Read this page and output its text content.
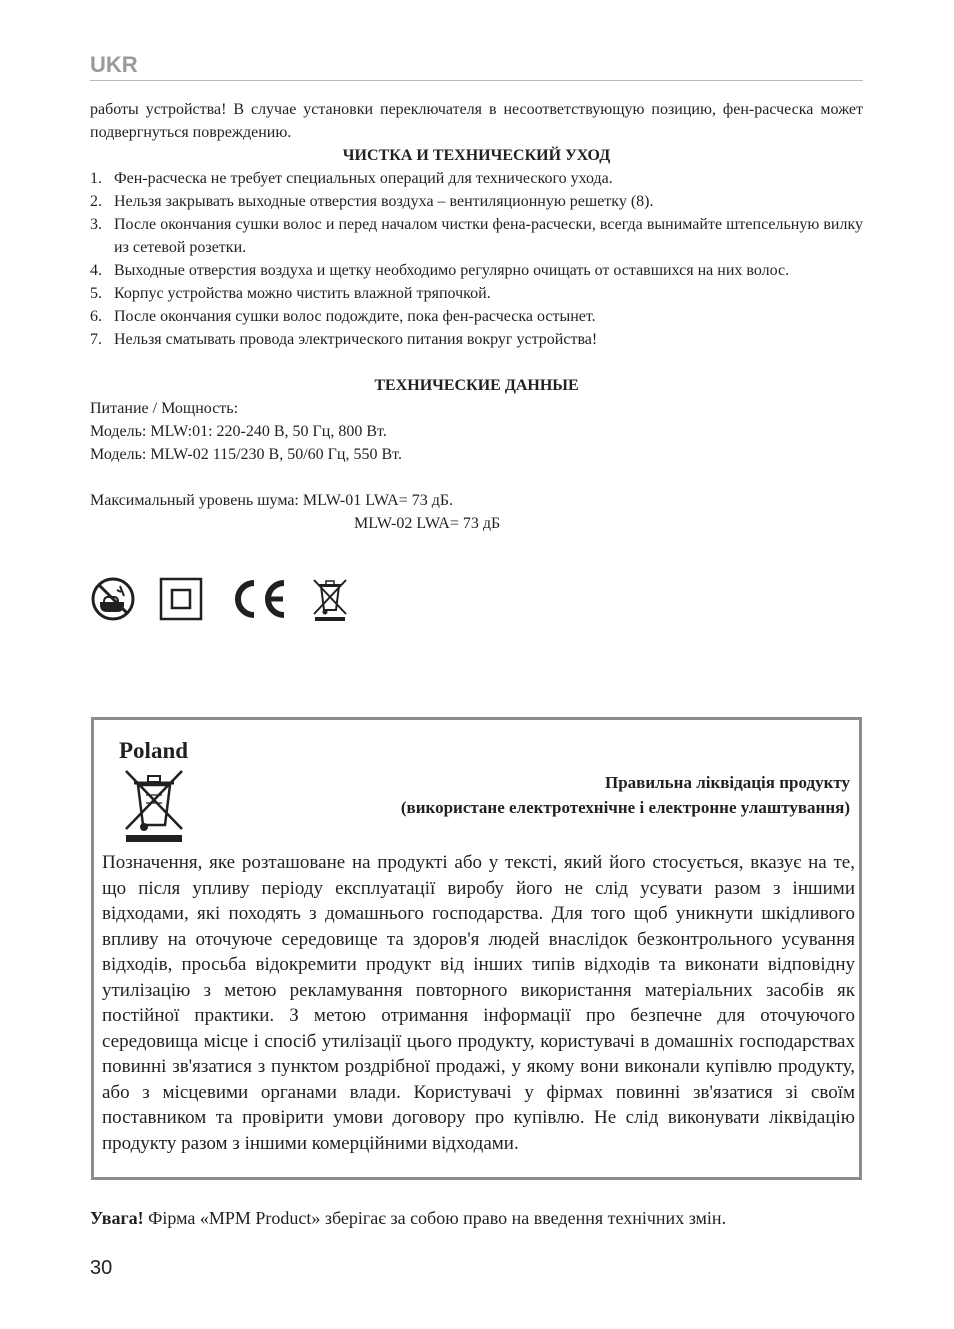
UKR

работы устройства! В случае установки переключателя в несоответствующую позицию, фен-расческа может подвергнуться повреждению.

ЧИСТКА И ТЕХНИЧЕСКИЙ УХОД

1. Фен-расческа не требует специальных операций для технического ухода.
2. Нельзя закрывать выходные отверстия воздуха – вентиляционную решетку (8).
3. После окончания сушки волос и перед началом чистки фена-расчески, всегда вынимайте штепсельную вилку из сетевой розетки.
4. Выходные отверстия воздуха и щетку необходимо регулярно очищать от оставшихся на них волос.
5. Корпус устройства можно чистить влажной тряпочкой.
6. После окончания сушки волос подождите, пока фен-расческа остынет.
7. Нельзя сматывать провода электрического питания вокруг устройства!

ТЕХНИЧЕСКИЕ ДАННЫЕ

Питание / Мощность:

Модель: MLW:01: 220-240 В, 50 Гц, 800 Вт.

Модель: MLW-02 115/230 В, 50/60 Гц, 550 Вт.

Максимальный уровень шума: MLW-01 LWA= 73 дБ.

MLW-02 LWA= 73 дБ

Poland
Правильна ліквідація продукту
(використане електротехнічне і електронне улаштування)
Позначення, яке розташоване на продукті або у тексті, який його стосується, вказує на те, що після упливу періоду експлуатації виробу його не слід усувати разом з іншими відходами, які походять з домашнього господарства. Для того щоб уникнути шкідливого впливу на оточуюче середовище та здоров'я людей внаслідок безконтрольного усування відходів, просьба відокремити продукт від інших типів відходів та виконати відповідну утилізацію з метою рекламування повторного використання матеріальних засобів як постійної практики. З метою отримання інформації про безпечне для оточуючого середовища місце і спосіб утилізації цього продукту, користувачі в домашніх господарствах повинні зв'язатися з пунктом роздрібної продажі, у якому вони виконали купівлю продукту, або з місцевими органами влади. Користувачі у фірмах повинні зв'язатися зі своїм поставником та провірити умови договору про купівлю. Не слід виконувати ліквідацію продукту разом з іншими комерційними відходами.
Увага! Фірма «MPM Product» зберігає за собою право на введення технічних змін.
30
